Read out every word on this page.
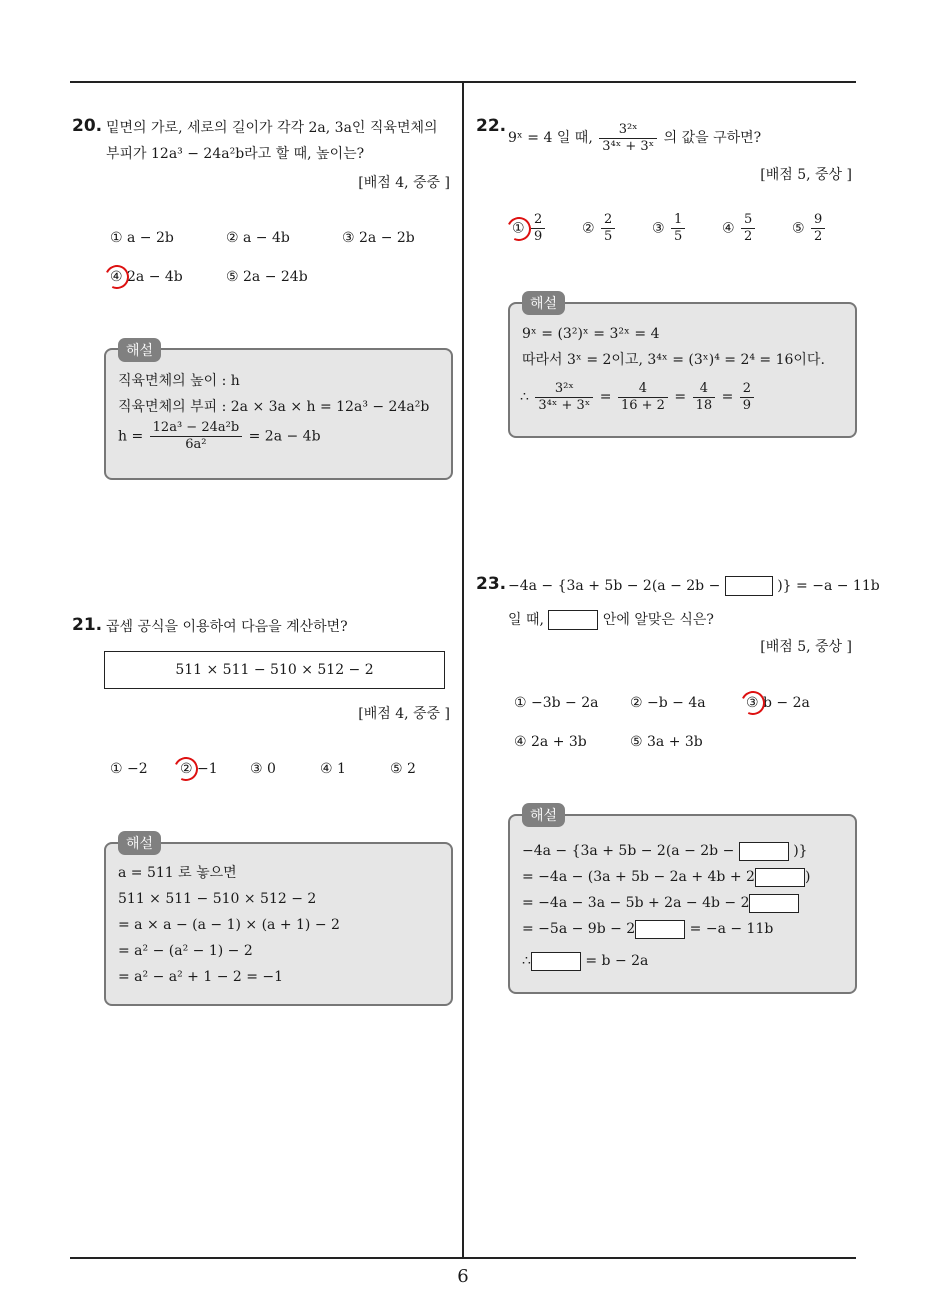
20. 밑면의 가로, 세로의 길이가 각각 2a, 3a인 직육면체의
부피가 12a³ − 24a²b라고 할 때, 높이는?
[배점 4, 중중 ]
① a − 2b	② a − 4b	③ 2a − 2b
④ 2a − 4b	⑤ 2a − 24b
해설
직육면체의 높이 : h
직육면체의 부피 : 2a × 3a × h = 12a³ − 24a²b
$h = \frac{\text{12a³ − 24a²b}}{\text{6a²}} = 2a - 4b$
21. 곱셈 공식을 이용하여 다음을 계산하면?
511 × 511 − 510 × 512 − 2
[배점 4, 중중 ]
① −2 ② −1 ③ 0	④ 1	⑤ 2
해설
a = 511 로 놓으면
511 × 511 − 510 × 512 − 2
= a × a − (a − 1) × (a + 1) − 2
= a² − (a² − 1) − 2
= a² − a² + 1 − 2 = −1
22.
9ˣ = 4 일 때, $\frac{\text{3²ˣ}}{\text{3⁴ˣ + 3ˣ}}$ 의 값을 구하면?
[배점 5, 중상 ]
① $\frac{2}{9}$	② $\frac{2}{5}$	③ $\frac{1}{5}$	④ $\frac{5}{2}$	⑤ $\frac{9}{2}$
해설
9ˣ = (3²)ˣ = 3²ˣ = 4
따라서 3ˣ = 2이고, 3⁴ˣ = (3ˣ)⁴ = 2⁴ = 16이다.
∴ $\frac{\text{3²ˣ}}{\text{3⁴ˣ + 3ˣ}} = \frac{4}{16 + 2} = \frac{4}{18} = \frac{2}{9}$
23. −4a − {3a + 5b − 2(a − 2b −	)} = −a − 11b
일 때,	안에 알맞은 식은?
[배점 5, 중상 ]
① −3b − 2a ② −b − 4a	③ b − 2a
④ 2a + 3b	⑤ 3a + 3b
해설
−4a − {3a + 5b − 2(a − 2b −	)}
= −4a − (3a + 5b − 2a + 4b + 2	)
= −4a − 3a − 5b + 2a − 4b − 2
= −5a − 9b − 2	= −a − 11b
∴	= b − 2a
6
